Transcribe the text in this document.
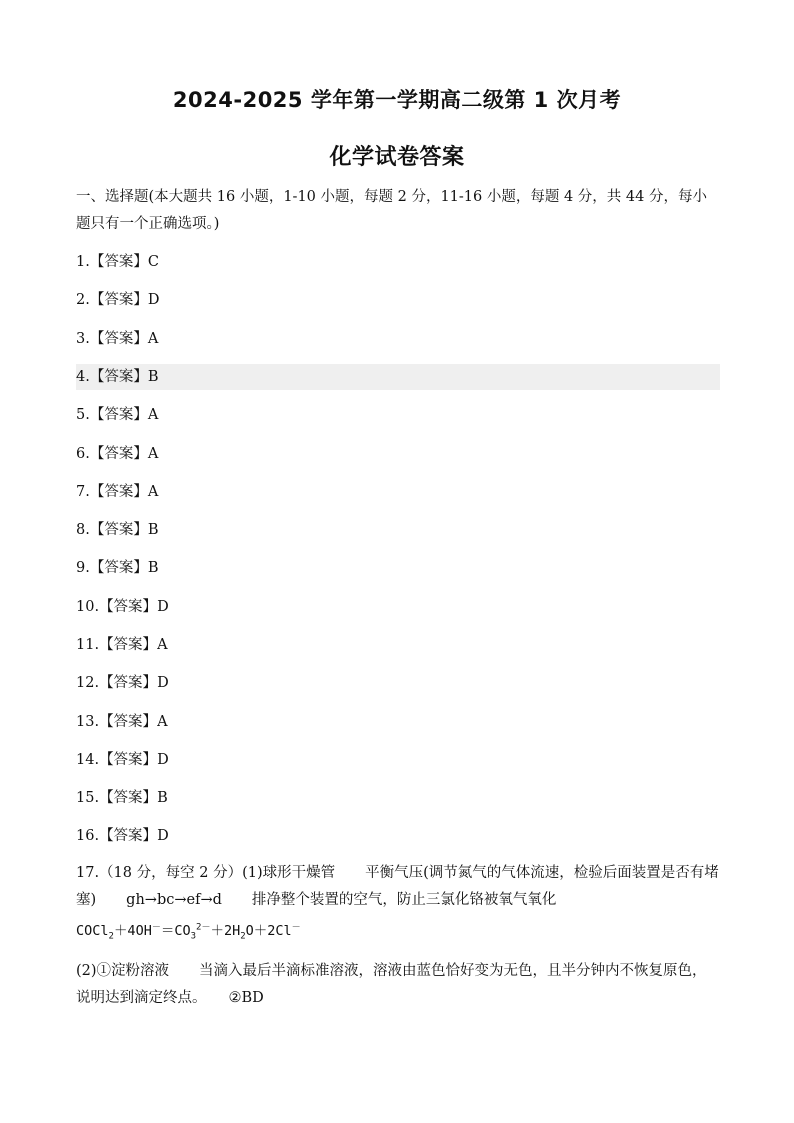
2024-2025 学年第一学期高二级第 1 次月考
化学试卷答案
一、选择题(本大题共 16 小题，1-10 小题，每题 2 分，11-16 小题，每题 4 分，共 44 分，每小题只有一个正确选项。)
1.【答案】C
2.【答案】D
3.【答案】A
4.【答案】B
5.【答案】A
6.【答案】A
7.【答案】A
8.【答案】B
9.【答案】B
10.【答案】D
11.【答案】A
12.【答案】D
13.【答案】A
14.【答案】D
15.【答案】B
16.【答案】D
17.（18 分，每空 2 分）(1)球形干燥管 平衡气压(调节氮气的气体流速，检验后面装置是否有堵塞) gh→bc→ef→d 排净整个装置的空气，防止三氯化铬被氧气氧化
$COCl_2+4OH^-=CO_3^{2-}+2H_2O+2Cl^-$
(2)①淀粉溶液 当滴入最后半滴标准溶液，溶液由蓝色恰好变为无色，且半分钟内不恢复原色，说明达到滴定终点。 ②BD
